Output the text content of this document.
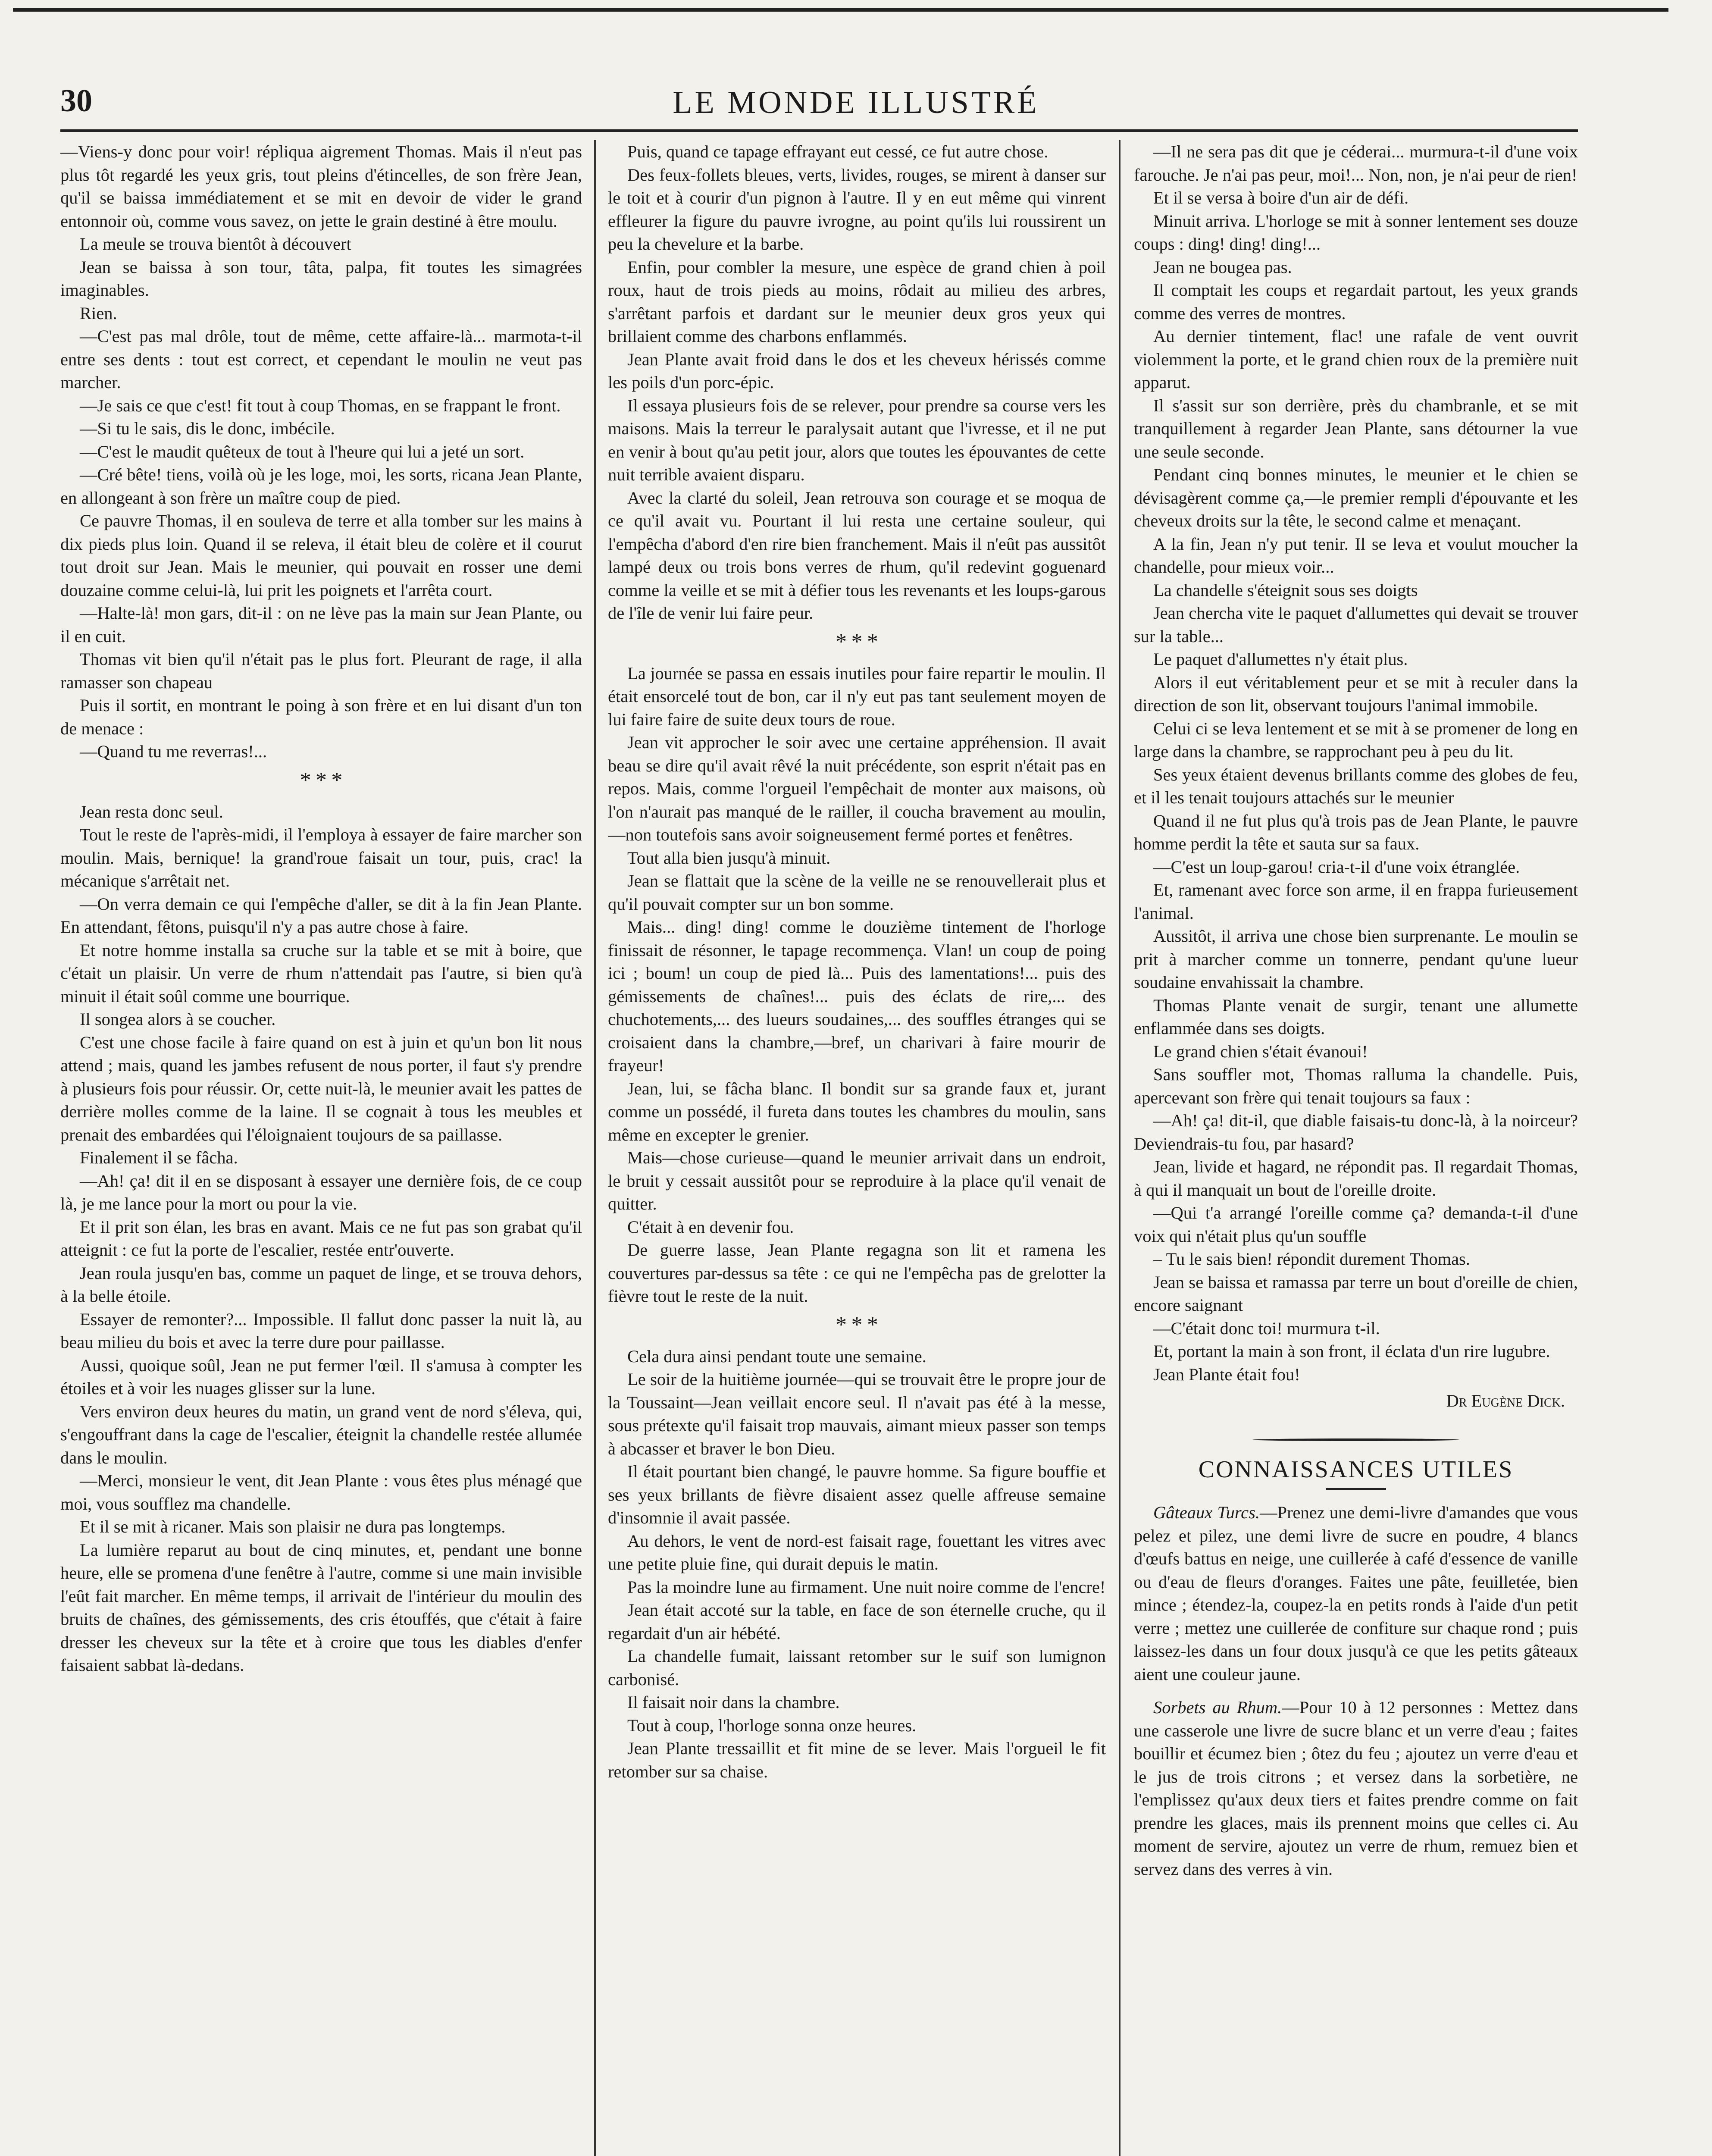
30	LE MONDE ILLUSTRÉ

—Viens-y donc pour voir! répliqua aigrement Thomas. Mais il n'eut pas plus tôt regardé les yeux gris, tout pleins d'étincelles, de son frère Jean, qu'il se baissa immédiatement et se mit en devoir de vider le grand entonnoir où, comme vous savez, on jette le grain destiné à être moulu.

La meule se trouva bientôt à découvert

Jean se baissa à son tour, tâta, palpa, fit toutes les simagrées imaginables.

Rien.

—C'est pas mal drôle, tout de même, cette affaire-là... marmota-t-il entre ses dents : tout est correct, et cependant le moulin ne veut pas marcher.

—Je sais ce que c'est! fit tout à coup Thomas, en se frappant le front.

—Si tu le sais, dis le donc, imbécile.

—C'est le maudit quêteux de tout à l'heure qui lui a jeté un sort.

—Cré bête! tiens, voilà où je les loge, moi, les sorts, ricana Jean Plante, en allongeant à son frère un maître coup de pied.

Ce pauvre Thomas, il en souleva de terre et alla tomber sur les mains à dix pieds plus loin. Quand il se releva, il était bleu de colère et il courut tout droit sur Jean. Mais le meunier, qui pouvait en rosser une demi douzaine comme celui-là, lui prit les poignets et l'arrêta court.

—Halte-là! mon gars, dit-il : on ne lève pas la main sur Jean Plante, ou il en cuit.

Thomas vit bien qu'il n'était pas le plus fort. Pleurant de rage, il alla ramasser son chapeau

Puis il sortit, en montrant le poing à son frère et en lui disant d'un ton de menace :

—Quand tu me reverras!...

* * *

Jean resta donc seul.

Tout le reste de l'après-midi, il l'employa à essayer de faire marcher son moulin. Mais, bernique! la grand'roue faisait un tour, puis, crac! la mécanique s'arrêtait net.

—On verra demain ce qui l'empêche d'aller, se dit à la fin Jean Plante. En attendant, fêtons, puisqu'il n'y a pas autre chose à faire.

Et notre homme installa sa cruche sur la table et se mit à boire, que c'était un plaisir. Un verre de rhum n'attendait pas l'autre, si bien qu'à minuit il était soûl comme une bourrique.

Il songea alors à se coucher.

C'est une chose facile à faire quand on est à juin et qu'un bon lit nous attend ; mais, quand les jambes refusent de nous porter, il faut s'y prendre à plusieurs fois pour réussir. Or, cette nuit-là, le meunier avait les pattes de derrière molles comme de la laine. Il se cognait à tous les meubles et prenait des embardées qui l'éloignaient toujours de sa paillasse.

Finalement il se fâcha.

—Ah! ça! dit il en se disposant à essayer une dernière fois, de ce coup là, je me lance pour la mort ou pour la vie.

Et il prit son élan, les bras en avant. Mais ce ne fut pas son grabat qu'il atteignit : ce fut la porte de l'escalier, restée entr'ouverte.

Jean roula jusqu'en bas, comme un paquet de linge, et se trouva dehors, à la belle étoile.

Essayer de remonter?... Impossible. Il fallut donc passer la nuit là, au beau milieu du bois et avec la terre dure pour paillasse.

Aussi, quoique soûl, Jean ne put fermer l'œil. Il s'amusa à compter les étoiles et à voir les nuages glisser sur la lune.

Vers environ deux heures du matin, un grand vent de nord s'éleva, qui, s'engouffrant dans la cage de l'escalier, éteignit la chandelle restée allumée dans le moulin.

—Merci, monsieur le vent, dit Jean Plante : vous êtes plus ménagé que moi, vous soufflez ma chandelle.

Et il se mit à ricaner. Mais son plaisir ne dura pas longtemps.

La lumière reparut au bout de cinq minutes, et, pendant une bonne heure, elle se promena d'une fenêtre à l'autre, comme si une main invisible l'eût fait marcher. En même temps, il arrivait de l'intérieur du moulin des bruits de chaînes, des gémissements, des cris étouffés, que c'était à faire dresser les cheveux sur la tête et à croire que tous les diables d'enfer faisaient sabbat là-dedans.

Puis, quand ce tapage effrayant eut cessé, ce fut autre chose.

Des feux-follets bleues, verts, livides, rouges, se mirent à danser sur le toit et à courir d'un pignon à l'autre. Il y en eut même qui vinrent effleurer la figure du pauvre ivrogne, au point qu'ils lui roussirent un peu la chevelure et la barbe.

Enfin, pour combler la mesure, une espèce de grand chien à poil roux, haut de trois pieds au moins, rôdait au milieu des arbres, s'arrêtant parfois et dardant sur le meunier deux gros yeux qui brillaient comme des charbons enflammés.

Jean Plante avait froid dans le dos et les cheveux hérissés comme les poils d'un porc-épic.

Il essaya plusieurs fois de se relever, pour prendre sa course vers les maisons. Mais la terreur le paralysait autant que l'ivresse, et il ne put en venir à bout qu'au petit jour, alors que toutes les épouvantes de cette nuit terrible avaient disparu.

Avec la clarté du soleil, Jean retrouva son courage et se moqua de ce qu'il avait vu. Pourtant il lui resta une certaine souleur, qui l'empêcha d'abord d'en rire bien franchement. Mais il n'eût pas aussitôt lampé deux ou trois bons verres de rhum, qu'il redevint goguenard comme la veille et se mit à défier tous les revenants et les loups-garous de l'île de venir lui faire peur.

* * *

La journée se passa en essais inutiles pour faire repartir le moulin. Il était ensorcelé tout de bon, car il n'y eut pas tant seulement moyen de lui faire faire de suite deux tours de roue.

Jean vit approcher le soir avec une certaine appréhension. Il avait beau se dire qu'il avait rêvé la nuit précédente, son esprit n'était pas en repos. Mais, comme l'orgueil l'empêchait de monter aux maisons, où l'on n'aurait pas manqué de le railler, il coucha bravement au moulin,—non toutefois sans avoir soigneusement fermé portes et fenêtres.

Tout alla bien jusqu'à minuit.

Jean se flattait que la scène de la veille ne se renouvellerait plus et qu'il pouvait compter sur un bon somme.

Mais... ding! ding! comme le douzième tintement de l'horloge finissait de résonner, le tapage recommença. Vlan! un coup de poing ici ; boum! un coup de pied là... Puis des lamentations!... puis des gémissements de chaînes!... puis des éclats de rire,... des chuchotements,... des lueurs soudaines,... des souffles étranges qui se croisaient dans la chambre,—bref, un charivari à faire mourir de frayeur!

Jean, lui, se fâcha blanc. Il bondit sur sa grande faux et, jurant comme un possédé, il fureta dans toutes les chambres du moulin, sans même en excepter le grenier.

Mais—chose curieuse—quand le meunier arrivait dans un endroit, le bruit y cessait aussitôt pour se reproduire à la place qu'il venait de quitter.

C'était à en devenir fou.

De guerre lasse, Jean Plante regagna son lit et ramena les couvertures par-dessus sa tête : ce qui ne l'empêcha pas de grelotter la fièvre tout le reste de la nuit.

* * *

Cela dura ainsi pendant toute une semaine.

Le soir de la huitième journée—qui se trouvait être le propre jour de la Toussaint—Jean veillait encore seul. Il n'avait pas été à la messe, sous prétexte qu'il faisait trop mauvais, aimant mieux passer son temps à abcasser et braver le bon Dieu.

Il était pourtant bien changé, le pauvre homme. Sa figure bouffie et ses yeux brillants de fièvre disaient assez quelle affreuse semaine d'insomnie il avait passée.

Au dehors, le vent de nord-est faisait rage, fouettant les vitres avec une petite pluie fine, qui durait depuis le matin.

Pas la moindre lune au firmament. Une nuit noire comme de l'encre!

Jean était accoté sur la table, en face de son éternelle cruche, qu il regardait d'un air hébété.

La chandelle fumait, laissant retomber sur le suif son lumignon carbonisé.

Il faisait noir dans la chambre.

Tout à coup, l'horloge sonna onze heures.

Jean Plante tressaillit et fit mine de se lever. Mais l'orgueil le fit retomber sur sa chaise.

—Il ne sera pas dit que je céderai... murmura-t-il d'une voix farouche. Je n'ai pas peur, moi!... Non, non, je n'ai peur de rien!

Et il se versa à boire d'un air de défi.

Minuit arriva. L'horloge se mit à sonner lentement ses douze coups : ding! ding! ding!...

Jean ne bougea pas.

Il comptait les coups et regardait partout, les yeux grands comme des verres de montres.

Au dernier tintement, flac! une rafale de vent ouvrit violemment la porte, et le grand chien roux de la première nuit apparut.

Il s'assit sur son derrière, près du chambranle, et se mit tranquillement à regarder Jean Plante, sans détourner la vue une seule seconde.

Pendant cinq bonnes minutes, le meunier et le chien se dévisagèrent comme ça,—le premier rempli d'épouvante et les cheveux droits sur la tête, le second calme et menaçant.

A la fin, Jean n'y put tenir. Il se leva et voulut moucher la chandelle, pour mieux voir...

La chandelle s'éteignit sous ses doigts

Jean chercha vite le paquet d'allumettes qui devait se trouver sur la table...

Le paquet d'allumettes n'y était plus.

Alors il eut véritablement peur et se mit à reculer dans la direction de son lit, observant toujours l'animal immobile.

Celui ci se leva lentement et se mit à se promener de long en large dans la chambre, se rapprochant peu à peu du lit.

Ses yeux étaient devenus brillants comme des globes de feu, et il les tenait toujours attachés sur le meunier

Quand il ne fut plus qu'à trois pas de Jean Plante, le pauvre homme perdit la tête et sauta sur sa faux.

—C'est un loup-garou! cria-t-il d'une voix étranglée.

Et, ramenant avec force son arme, il en frappa furieusement l'animal.

Aussitôt, il arriva une chose bien surprenante. Le moulin se prit à marcher comme un tonnerre, pendant qu'une lueur soudaine envahissait la chambre.

Thomas Plante venait de surgir, tenant une allumette enflammée dans ses doigts.

Le grand chien s'était évanoui!

Sans souffler mot, Thomas ralluma la chandelle. Puis, apercevant son frère qui tenait toujours sa faux :

—Ah! ça! dit-il, que diable faisais-tu donc-là, à la noirceur? Deviendrais-tu fou, par hasard?

Jean, livide et hagard, ne répondit pas. Il regardait Thomas, à qui il manquait un bout de l'oreille droite.

—Qui t'a arrangé l'oreille comme ça? demanda-t-il d'une voix qui n'était plus qu'un souffle

– Tu le sais bien! répondit durement Thomas.

Jean se baissa et ramassa par terre un bout d'oreille de chien, encore saignant

—C'était donc toi! murmura t-il.

Et, portant la main à son front, il éclata d'un rire lugubre.

Jean Plante était fou!

Dr Eugène Dick.

CONNAISSANCES UTILES

Gâteaux Turcs.—Prenez une demi-livre d'amandes que vous pelez et pilez, une demi livre de sucre en poudre, 4 blancs d'œufs battus en neige, une cuillerée à café d'essence de vanille ou d'eau de fleurs d'oranges. Faites une pâte, feuilletée, bien mince ; étendez-la, coupez-la en petits ronds à l'aide d'un petit verre ; mettez une cuillerée de confiture sur chaque rond ; puis laissez-les dans un four doux jusqu'à ce que les petits gâteaux aient une couleur jaune.

Sorbets au Rhum.—Pour 10 à 12 personnes : Mettez dans une casserole une livre de sucre blanc et un verre d'eau ; faites bouillir et écumez bien ; ôtez du feu ; ajoutez un verre d'eau et le jus de trois citrons ; et versez dans la sorbetière, ne l'emplissez qu'aux deux tiers et faites prendre comme on fait prendre les glaces, mais ils prennent moins que celles ci. Au moment de servire, ajoutez un verre de rhum, remuez bien et servez dans des verres à vin.
